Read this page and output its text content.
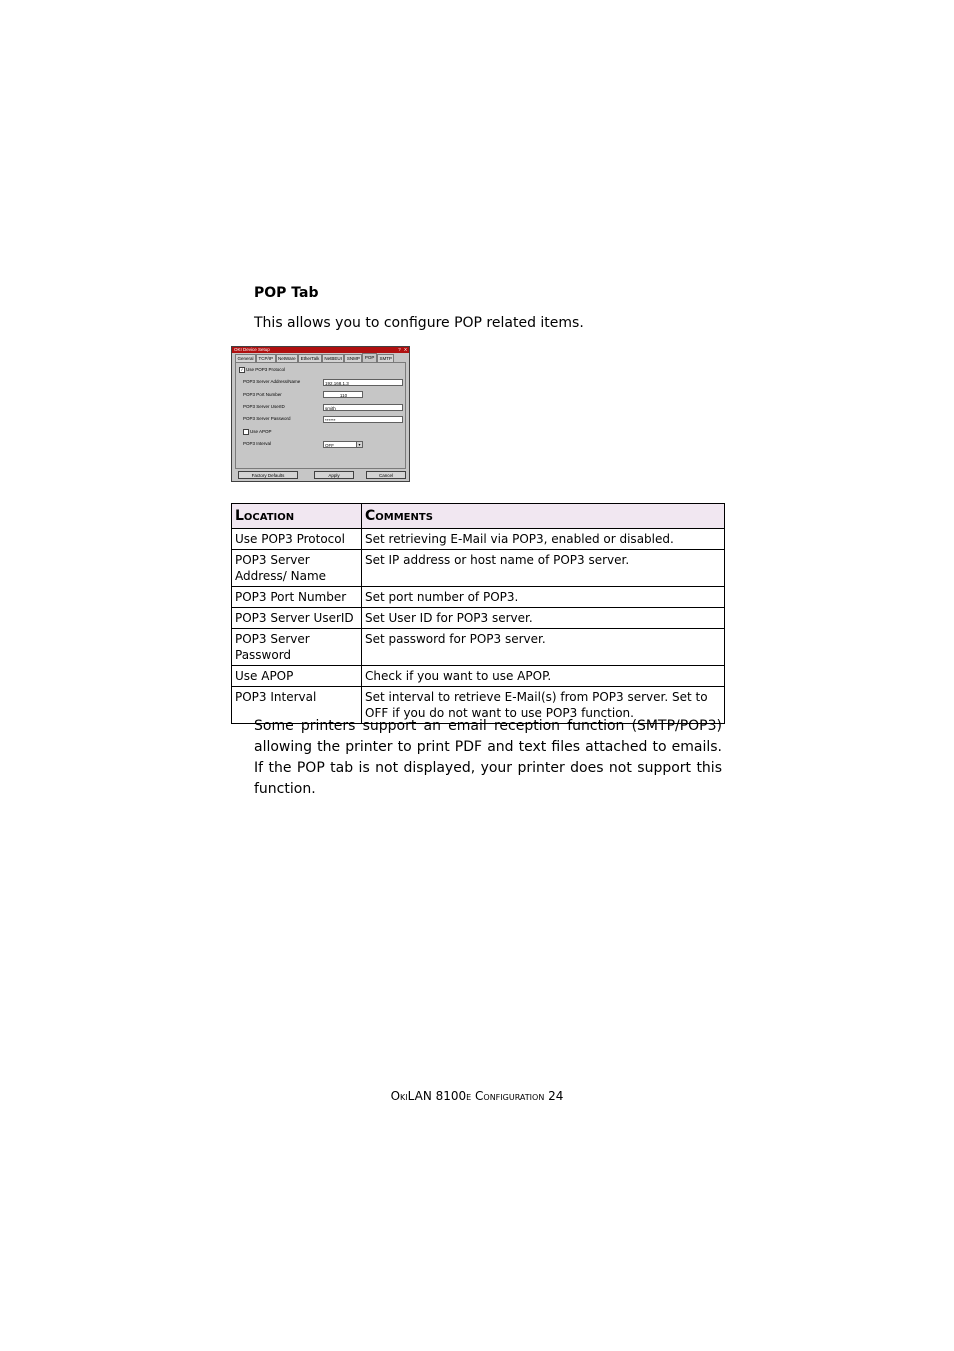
POP Tab
This allows you to configure POP related items.
OKI Device Setup	? X
General	TCP/IP	NetWare	EtherTalk	NetBEUI	SNMP	POP	SMTP
✓ Use POP3 Protocol
POP3 Server Address/Name	192.168.1.3
POP3 Port Number	110
POP3 Server UserID	smith
POP3 Server Password	******
Use APOP
POP3 Interval	OFF	▾
Factory Defaults	Apply	Cancel
Location	Comments
Use POP3 Protocol	Set retrieving E-Mail via POP3, enabled or disabled.
POP3 Server Address/ Name	Set IP address or host name of POP3 server.
POP3 Port Number	Set port number of POP3.
POP3 Server UserID	Set User ID for POP3 server.
POP3 Server Password	Set password for POP3 server.
Use APOP	Check if you want to use APOP.
POP3 Interval	Set interval to retrieve E-Mail(s) from POP3 server. Set to OFF if you do not want to use POP3 function.
Some printers support an email reception function (SMTP/POP3) allowing the printer to print PDF and text files attached to emails. If the POP tab is not displayed, your printer does not support this function.
OkiLAN 8100e Configuration 24
